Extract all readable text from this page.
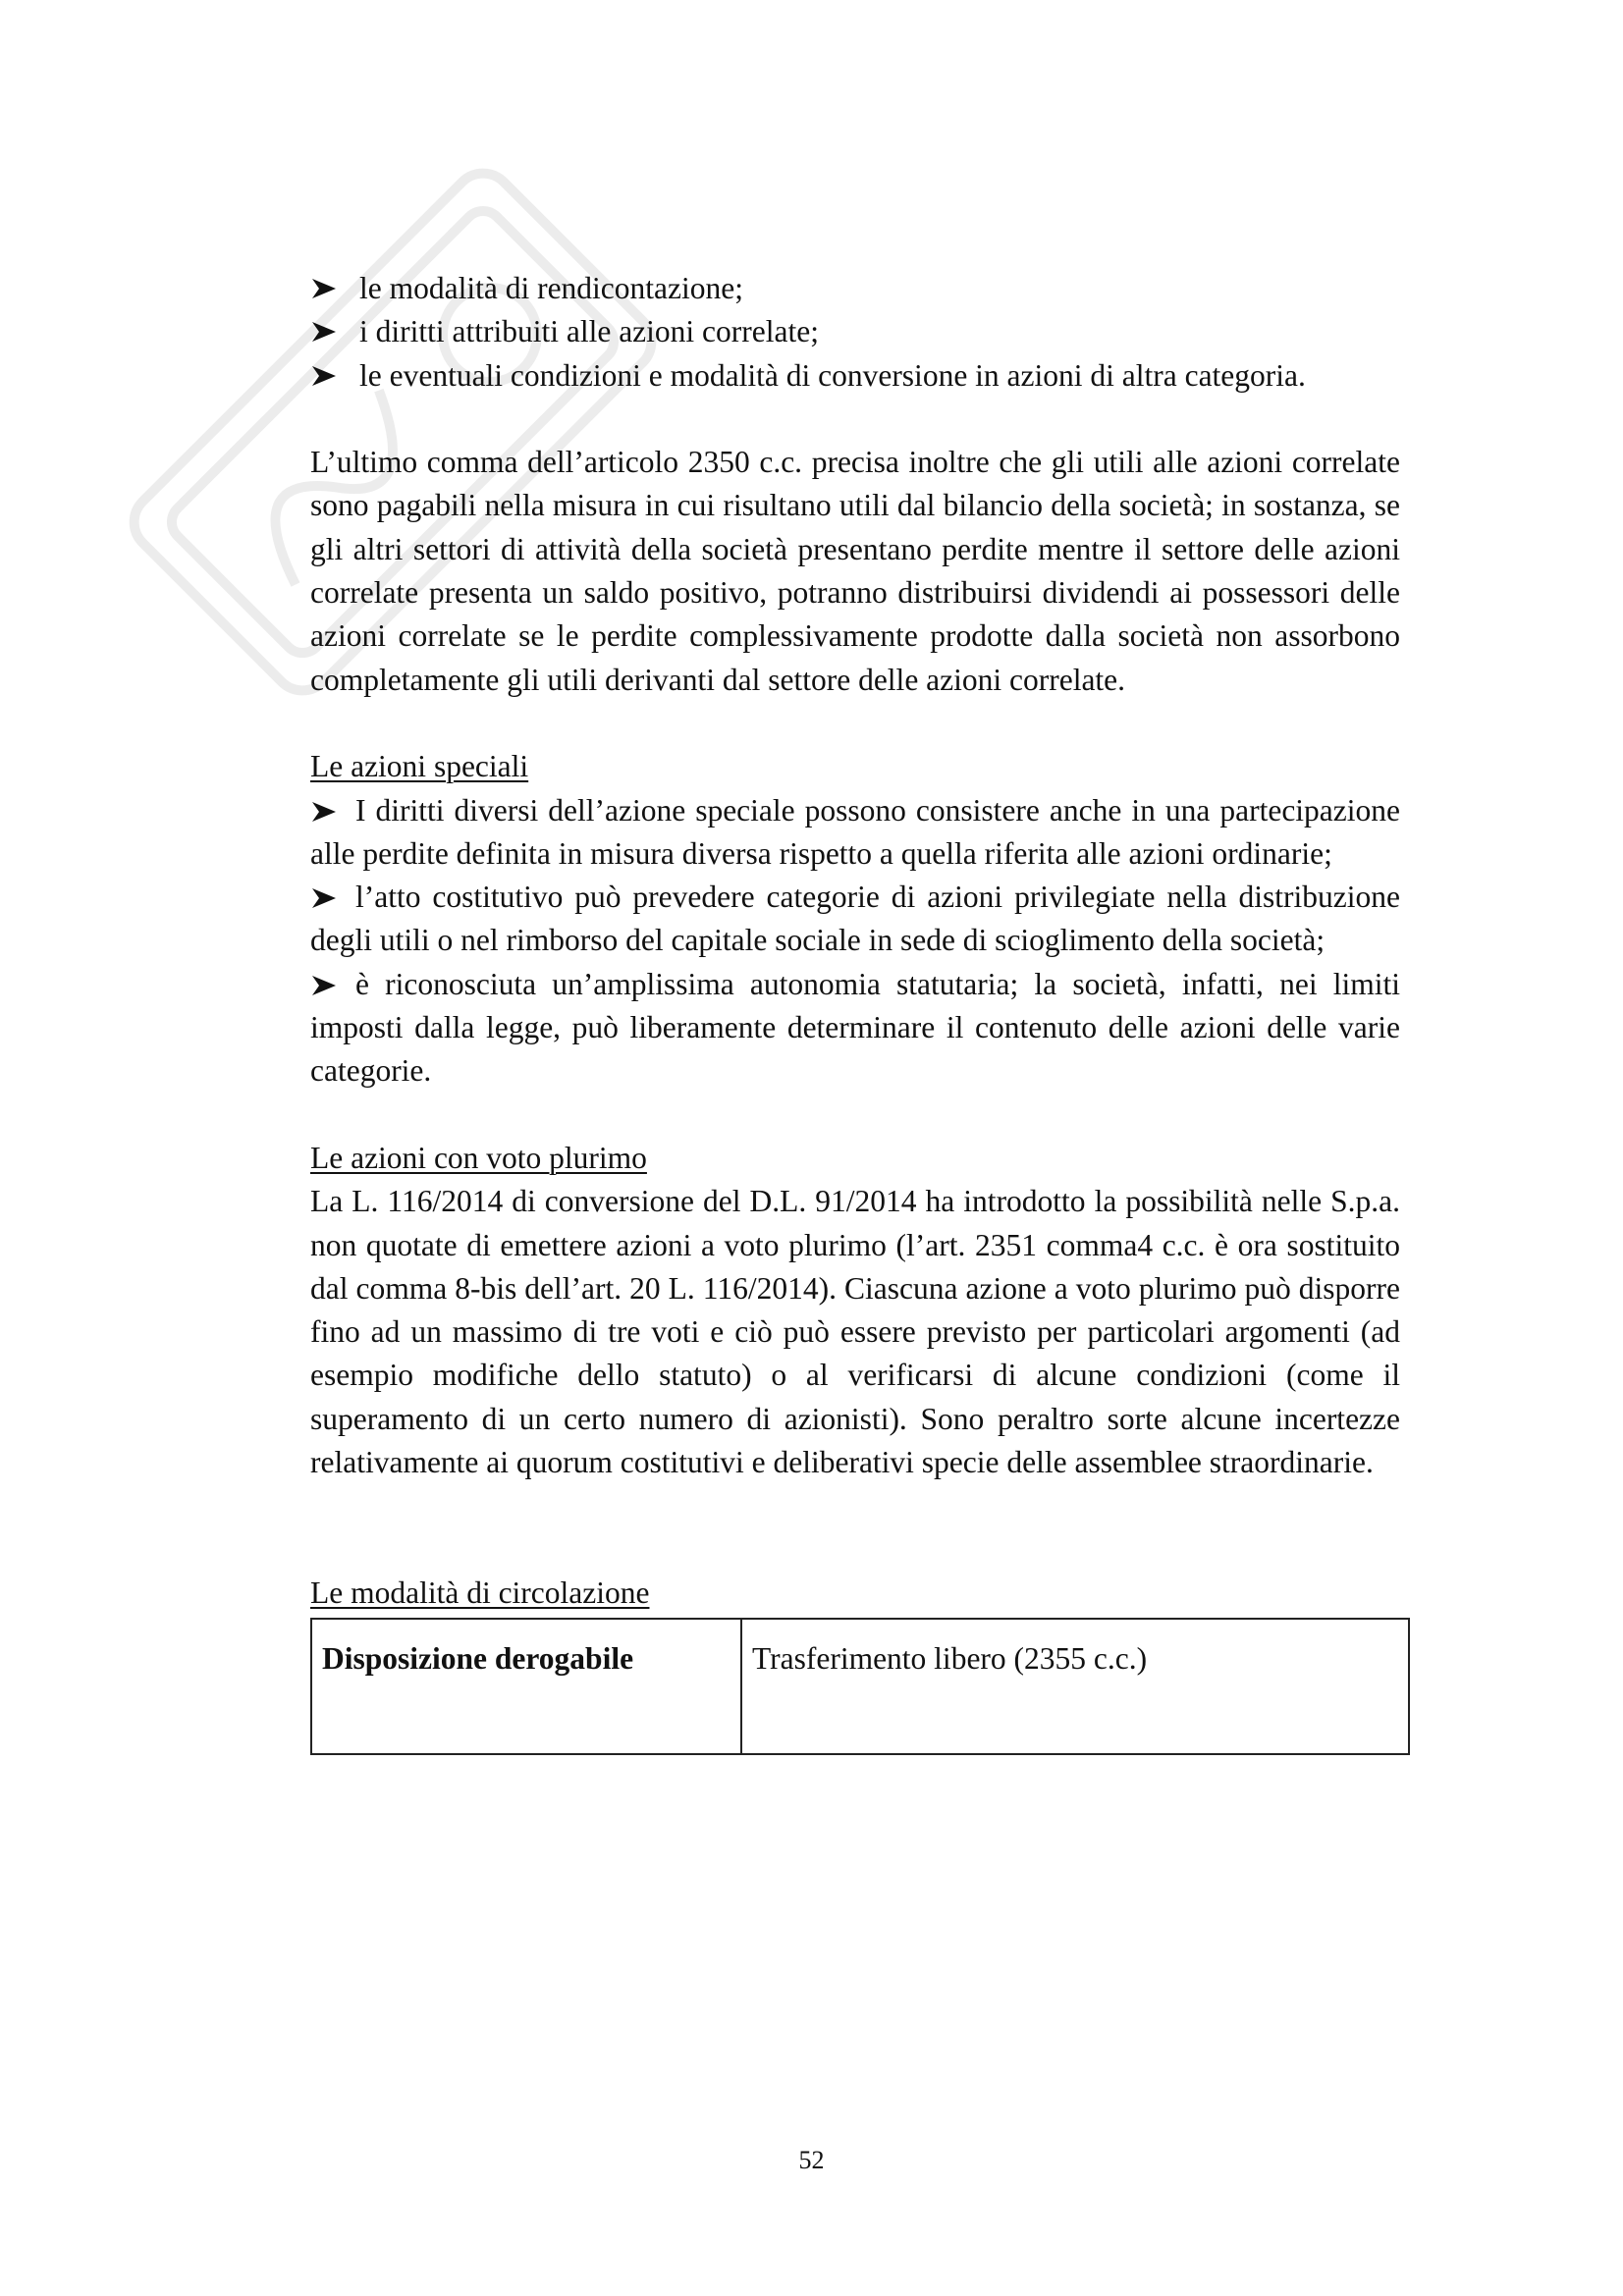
le modalità di rendicontazione;
i diritti attribuiti alle azioni correlate;
le eventuali condizioni e modalità di conversione in azioni di altra categoria.

L’ultimo comma dell’articolo 2350 c.c. precisa inoltre che gli utili alle azioni correlate sono pagabili nella misura in cui risultano utili dal bilancio della società; in sostanza, se gli altri settori di attività della società presentano perdite mentre il settore delle azioni correlate presenta un saldo positivo, potranno distribuirsi dividendi ai possessori delle azioni correlate se le perdite complessivamente prodotte dalla società non assorbono completamente gli utili derivanti dal settore delle azioni correlate.

Le azioni speciali

I diritti diversi dell’azione speciale possono consistere anche in una partecipazione alle perdite definita in misura diversa rispetto a quella riferita alle azioni ordinarie;

l’atto costitutivo può prevedere categorie di azioni privilegiate nella distribuzione degli utili o nel rimborso del capitale sociale in sede di scioglimento della società;

è riconosciuta un’amplissima autonomia statutaria; la società, infatti, nei limiti imposti dalla legge, può liberamente determinare il contenuto delle azioni delle varie categorie.

Le azioni con voto plurimo

La L. 116/2014 di conversione del D.L. 91/2014 ha introdotto la possibilità nelle S.p.a. non quotate di emettere azioni a voto plurimo (l’art. 2351 comma4 c.c. è ora sostituito dal comma 8-bis dell’art. 20 L. 116/2014). Ciascuna azione a voto plurimo può disporre fino ad un massimo di tre voti e ciò può essere previsto per particolari argomenti (ad esempio modifiche dello statuto) o al verificarsi di alcune condizioni (come il superamento di un certo numero di azionisti). Sono peraltro sorte alcune incertezze relativamente ai quorum costitutivi e deliberativi specie delle assemblee straordinarie.

Le modalità di circolazione

Disposizione derogabile	Trasferimento libero (2355 c.c.)
52
